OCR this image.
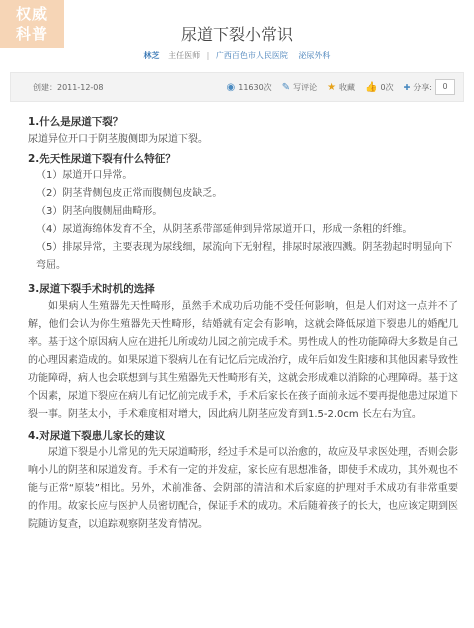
权威
科普	尿道下裂小常识
林芝 主任医师 | 广西百色市人民医院 泌尿外科
创建：2011-12-08	◉ 11630次 ✎ 写评论 ★ 收藏 👍 0次 ✚ 分享:	0

1.什么是尿道下裂？

尿道异位开口于阴茎腹侧即为尿道下裂。

2.先天性尿道下裂有什么特征？

（1）尿道开口异常。

（2）阴茎背侧包皮正常而腹侧包皮缺乏。

（3）阴茎向腹侧屈曲畸形。

（4）尿道海绵体发育不全，从阴茎系带部延伸到异常尿道开口，形成一条粗的纤维。

（5）排尿异常，主要表现为尿线细，尿流向下无射程，排尿时尿液四溅。阴茎勃起时明显向下弯屈。

3.尿道下裂手术时机的选择

如果病人生殖器先天性畸形，虽然手术成功后功能不受任何影响，但是人们对这一点并不了解，他们会认为你生殖器先天性畸形，结婚就有定会有影响，这就会降低尿道下裂患儿的婚配几率。基于这个原因病人应在进托儿所或幼儿园之前完成手术。男性成人的性功能障碍大多数是自己的心理因素造成的。如果尿道下裂病儿在有记忆后完成治疗，成年后如发生阳痿和其他因素导致性功能障碍，病人也会联想到与其生殖器先天性畸形有关，这就会形成难以消除的心理障碍。基于这个因素，尿道下裂应在病儿有记忆前完成手术，手术后家长在孩子面前永远不要再提他患过尿道下裂一事。阴茎太小，手术难度相对增大，因此病儿阴茎应发育到1.5-2.0cm 长左右为宜。

4.对尿道下裂患儿家长的建议

尿道下裂是小儿常见的先天尿道畸形，经过手术是可以治愈的，故应及早求医处理，否则会影响小儿的阴茎和尿道发育。手术有一定的并发症，家长应有思想准备，即使手术成功，其外观也不能与正常“原装”相比。另外，术前准备、会阴部的清洁和术后家庭的护理对手术成功有非常重要的作用。故家长应与医护人员密切配合，保证手术的成功。术后随着孩子的长大，也应该定期到医院随访复查，以追踪观察阴茎发育情况。
